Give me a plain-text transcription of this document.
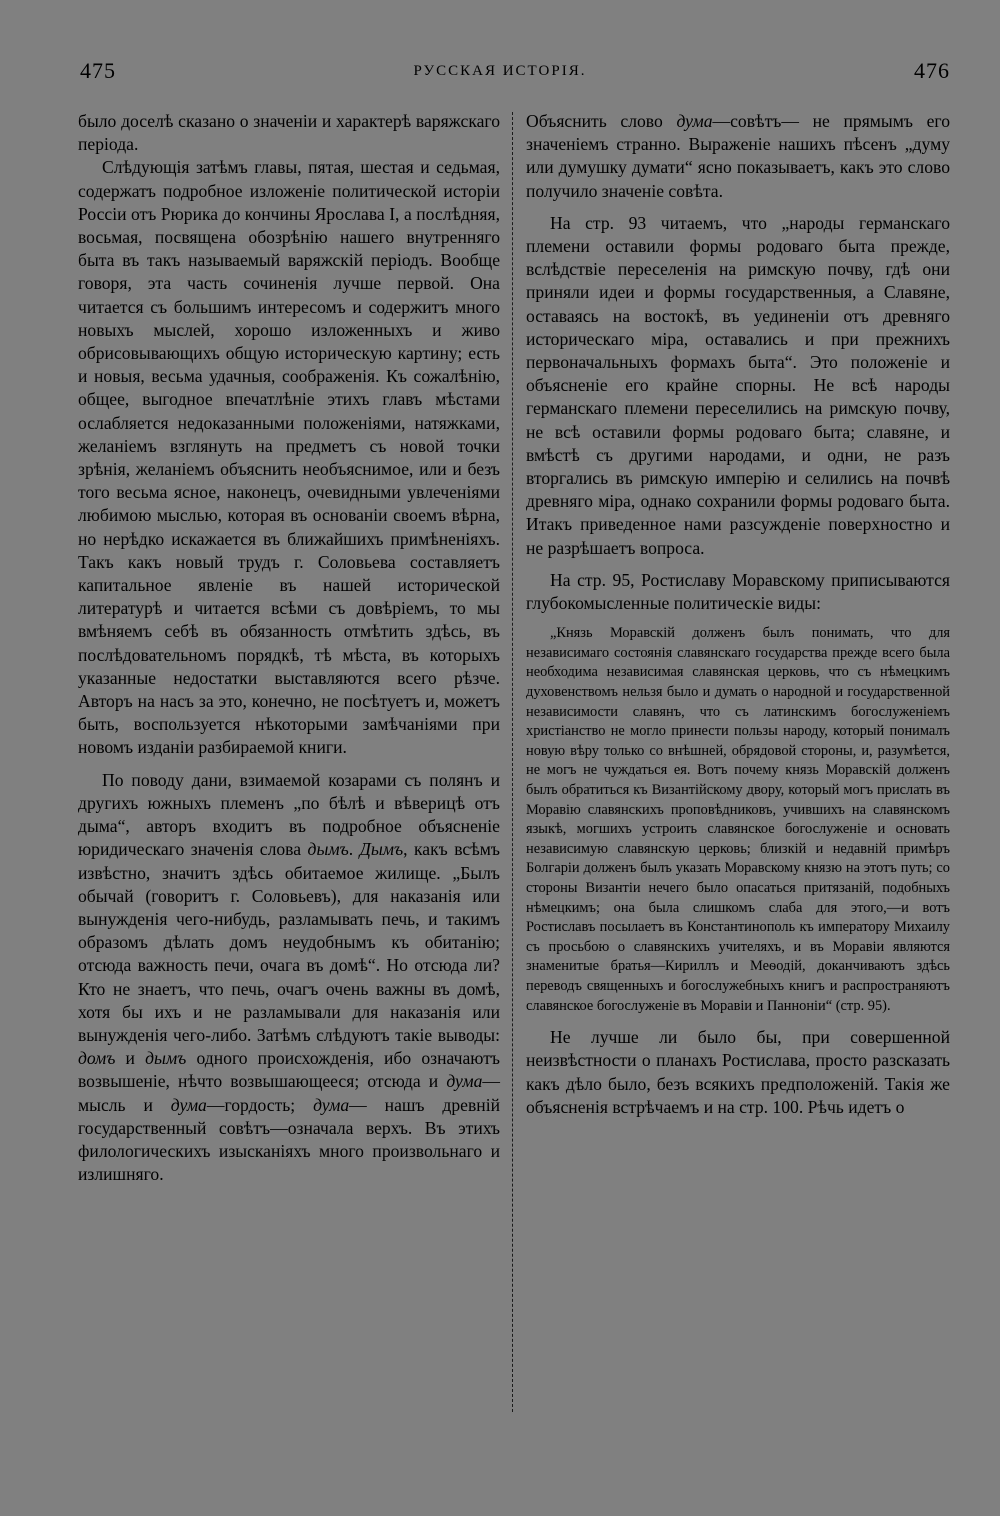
475	РУССКАЯ ИСТОРІЯ.	476

было доселѣ сказано о значеніи и характерѣ варяжскаго періода.

Слѣдующія затѣмъ главы, пятая, шестая и седьмая, содержатъ подробное изложеніе политической исторіи Россіи отъ Рюрика до кончины Ярослава I, а послѣдняя, восьмая, посвящена обозрѣнію нашего внутренняго быта въ такъ называемый варяжскій періодъ. Вообще говоря, эта часть сочиненія лучше первой. Она читается съ большимъ интересомъ и содержитъ много новыхъ мыслей, хорошо изложенныхъ и живо обрисовывающихъ общую историческую картину; есть и новыя, весьма удачныя, соображенія. Къ сожалѣнію, общее, выгодное впечатлѣніе этихъ главъ мѣстами ослабляется недоказанными положеніями, натяжками, желаніемъ взглянуть на предметъ съ новой точки зрѣнія, желаніемъ объяснить необъяснимое, или и безъ того весьма ясное, наконецъ, очевидными увлеченіями любимою мыслью, которая въ основаніи своемъ вѣрна, но нерѣдко искажается въ ближайшихъ примѣненіяхъ. Такъ какъ новый трудъ г. Соловьева составляетъ капитальное явленіе въ нашей исторической литературѣ и читается всѣми съ довѣріемъ, то мы вмѣняемъ себѣ въ обязанность отмѣтить здѣсь, въ послѣдовательномъ порядкѣ, тѣ мѣста, въ которыхъ указанные недостатки выставляются всего рѣзче. Авторъ на насъ за это, конечно, не посѣтуетъ и, можетъ быть, воспользуется нѣкоторыми замѣчаніями при новомъ изданіи разбираемой книги.

По поводу дани, взимаемой козарами съ полянъ и другихъ южныхъ племенъ „по бѣлѣ и вѣверицѣ отъ дыма“, авторъ входитъ въ подробное объясненіе юридическаго значенія слова дымъ. Дымъ, какъ всѣмъ извѣстно, значитъ здѣсь обитаемое жилище. „Былъ обычай (говоритъ г. Соловьевъ), для наказанія или вынужденія чего-нибудь, разламывать печь, и такимъ образомъ дѣлать домъ неудобнымъ къ обитанію; отсюда важность печи, очага въ домѣ“. Но отсюда ли? Кто не знаетъ, что печь, очагъ очень важны въ домѣ, хотя бы ихъ и не разламывали для наказанія или вынужденія чего-либо. Затѣмъ слѣдуютъ такіе выводы: домъ и дымъ одного происхожденія, ибо означаютъ возвышеніе, нѣчто возвышающееся; отсюда и дума—мысль и дума—гордость; дума— нашъ древній государственный совѣтъ—означала верхъ. Въ этихъ филологическихъ изысканіяхъ много произвольнаго и излишняго.

Объяснить слово дума—совѣтъ— не прямымъ его значеніемъ странно. Выраженіе нашихъ пѣсенъ „думу или думушку думати“ ясно показываетъ, какъ это слово получило значеніе совѣта.

На стр. 93 читаемъ, что „народы германскаго племени оставили формы родоваго быта прежде, вслѣдствіе переселенія на римскую почву, гдѣ они приняли идеи и формы государственныя, а Славяне, оставаясь на востокѣ, въ уединеніи отъ древняго историческаго міра, оставались и при прежнихъ первоначальныхъ формахъ быта“. Это положеніе и объясненіе его крайне спорны. Не всѣ народы германскаго племени переселились на римскую почву, не всѣ оставили формы родоваго быта; славяне, и вмѣстѣ съ другими народами, и одни, не разъ вторгались въ римскую имперію и селились на почвѣ древняго міра, однако сохранили формы родоваго быта. Итакъ приведенное нами разсужденіе поверхностно и не разрѣшаетъ вопроса.

На стр. 95, Ростиславу Моравскому приписываются глубокомысленные политическіе виды:

„Князь Моравскій долженъ былъ понимать, что для независимаго состоянія славянскаго государства прежде всего была необходима независимая славянская церковь, что съ нѣмецкимъ духовенствомъ нельзя было и думать о народной и государственной независимости славянъ, что съ латинскимъ богослуженіемъ христіанство не могло принести пользы народу, который понималъ новую вѣру только со внѣшней, обрядовой стороны, и, разумѣется, не могъ не чуждаться ея. Вотъ почему князь Моравскій долженъ былъ обратиться къ Византійскому двору, который могъ прислать въ Моравію славянскихъ проповѣдниковъ, учившихъ на славянскомъ языкѣ, могшихъ устроить славянское богослуженіе и основать независимую славянскую церковь; близкій и недавній примѣръ Болгаріи долженъ былъ указать Моравскому князю на этотъ путь; со стороны Византіи нечего было опасаться притязаній, подобныхъ нѣмецкимъ; она была слишкомъ слаба для этого,—и вотъ Ростиславъ посылаетъ въ Константинополь къ императору Михаилу съ просьбою о славянскихъ учителяхъ, и въ Моравіи являются знаменитые братья—Кириллъ и Меѳодій, доканчиваютъ здѣсь переводъ священныхъ и богослужебныхъ книгъ и распространяютъ славянское богослуженіе въ Моравіи и Панноніи“ (стр. 95).

Не лучше ли было бы, при совершенной неизвѣстности о планахъ Ростислава, просто разсказать какъ дѣло было, безъ всякихъ предположеній. Такія же объясненія встрѣчаемъ и на стр. 100. Рѣчь идетъ о
